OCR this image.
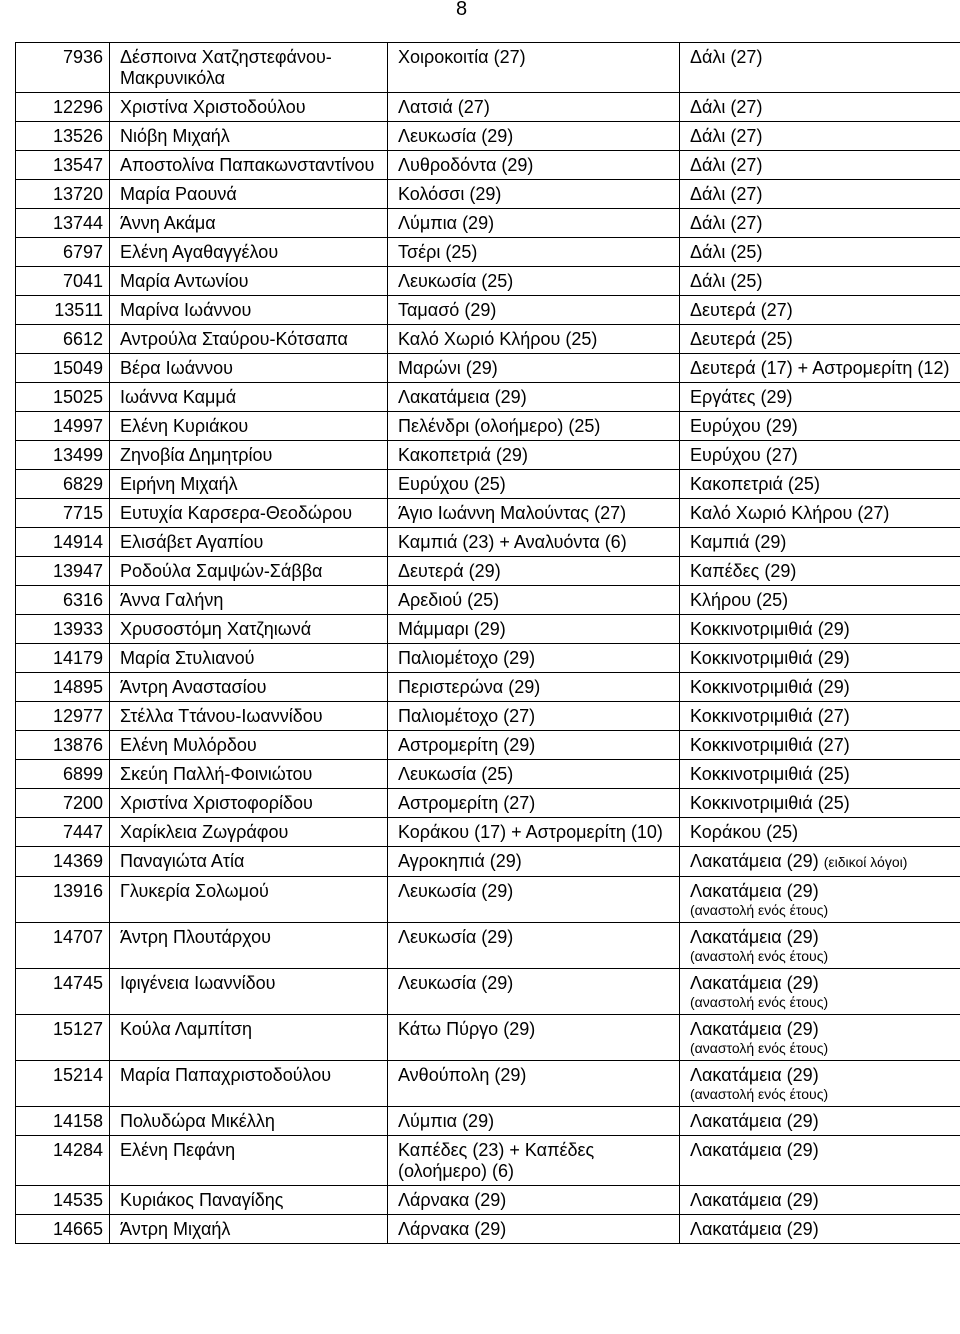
8
7936	Δέσποινα Χατζηστεφάνου-Μακρυνικόλα	Χοιροκοιτία (27)	Δάλι (27)
12296	Χριστίνα Χριστοδούλου	Λατσιά (27)	Δάλι (27)
13526	Νιόβη Μιχαήλ	Λευκωσία (29)	Δάλι (27)
13547	Αποστολίνα Παπακωνσταντίνου	Λυθροδόντα (29)	Δάλι (27)
13720	Μαρία Ραουνά	Κολόσσι (29)	Δάλι (27)
13744	Άννη Ακάμα	Λύμπια (29)	Δάλι (27)
6797	Ελένη Αγαθαγγέλου	Τσέρι (25)	Δάλι (25)
7041	Μαρία Αντωνίου	Λευκωσία (25)	Δάλι (25)
13511	Μαρίνα Ιωάννου	Ταμασό (29)	Δευτερά (27)
6612	Αντρούλα Σταύρου-Κότσαπα	Καλό Χωριό Κλήρου (25)	Δευτερά (25)
15049	Βέρα Ιωάννου	Μαρώνι (29)	Δευτερά (17) + Αστρομερίτη (12)
15025	Ιωάννα Καμμά	Λακατάμεια (29)	Εργάτες (29)
14997	Ελένη Κυριάκου	Πελένδρι (ολοήμερο) (25)	Ευρύχου (29)
13499	Ζηνοβία Δημητρίου	Κακοπετριά (29)	Ευρύχου (27)
6829	Ειρήνη Μιχαήλ	Ευρύχου (25)	Κακοπετριά (25)
7715	Ευτυχία Καρσερα-Θεοδώρου	Άγιο Ιωάννη Μαλούντας (27)	Καλό Χωριό Κλήρου (27)
14914	Ελισάβετ Αγαπίου	Καμπιά (23) + Αναλυόντα (6)	Καμπιά (29)
13947	Ροδούλα Σαμψών-Σάββα	Δευτερά (29)	Καπέδες (29)
6316	Άννα Γαλήνη	Αρεδιού (25)	Κλήρου (25)
13933	Χρυσοστόμη Χατζηιωνά	Μάμμαρι (29)	Κοκκινοτριμιθιά (29)
14179	Μαρία Στυλιανού	Παλιομέτοχο (29)	Κοκκινοτριμιθιά (29)
14895	Άντρη Αναστασίου	Περιστερώνα (29)	Κοκκινοτριμιθιά (29)
12977	Στέλλα Ττάνου-Ιωαννίδου	Παλιομέτοχο (27)	Κοκκινοτριμιθιά (27)
13876	Ελένη Μυλόρδου	Αστρομερίτη (29)	Κοκκινοτριμιθιά (27)
6899	Σκεύη Παλλή-Φοινιώτου	Λευκωσία (25)	Κοκκινοτριμιθιά (25)
7200	Χριστίνα Χριστοφορίδου	Αστρομερίτη (27)	Κοκκινοτριμιθιά (25)
7447	Χαρίκλεια Ζωγράφου	Κοράκου (17) + Αστρομερίτη (10)	Κοράκου (25)
14369	Παναγιώτα Ατία	Αγροκηπιά (29)	Λακατάμεια (29) (ειδικοί λόγοι)
13916	Γλυκερία Σολωμού	Λευκωσία (29)	Λακατάμεια (29)
(αναστολή ενός έτους)

14707	Άντρη Πλουτάρχου	Λευκωσία (29)	Λακατάμεια (29)
(αναστολή ενός έτους)

14745	Ιφιγένεια Ιωαννίδου	Λευκωσία (29)	Λακατάμεια (29)
(αναστολή ενός έτους)

15127	Κούλα Λαμπίτση	Κάτω Πύργο (29)	Λακατάμεια (29)
(αναστολή ενός έτους)

15214	Μαρία Παπαχριστοδούλου	Ανθούπολη (29)	Λακατάμεια (29)
(αναστολή ενός έτους)

14158	Πολυδώρα Μικέλλη	Λύμπια (29)	Λακατάμεια (29)
14284	Ελένη Πεφάνη	Καπέδες (23) + Καπέδες (ολοήμερο) (6)	Λακατάμεια (29)
14535	Κυριάκος Παναγίδης	Λάρνακα (29)	Λακατάμεια (29)
14665	Άντρη Μιχαήλ	Λάρνακα (29)	Λακατάμεια (29)
